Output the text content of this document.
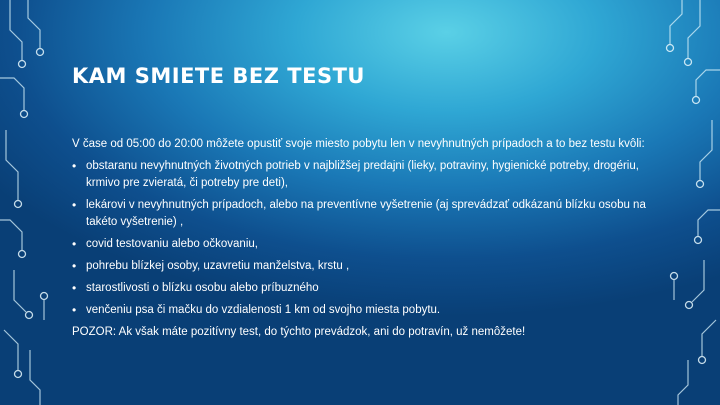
KAM SMIETE BEZ TESTU

V čase od 05:00 do 20:00 môžete opustiť svoje miesto pobytu len v nevyhnutných prípadoch a to bez testu kvôli:

• obstaranu nevyhnutných životných potrieb v najbližšej predajni (lieky, potraviny, hygienické potreby, drogériu, krmivo pre zvieratá, či potreby pre deti),
• lekárovi v nevyhnutných prípadoch, alebo na preventívne vyšetrenie (aj sprevádzať odkázanú blízku osobu na takéto vyšetrenie) ,
• covid testovaniu alebo očkovaniu,
• pohrebu blízkej osoby, uzavretiu manželstva, krstu ,
• starostlivosti o blízku osobu alebo príbuzného
• venčeniu psa či mačku do vzdialenosti 1 km od svojho miesta pobytu.

POZOR: Ak však máte pozitívny test, do týchto prevádzok, ani do potravín, už nemôžete!
